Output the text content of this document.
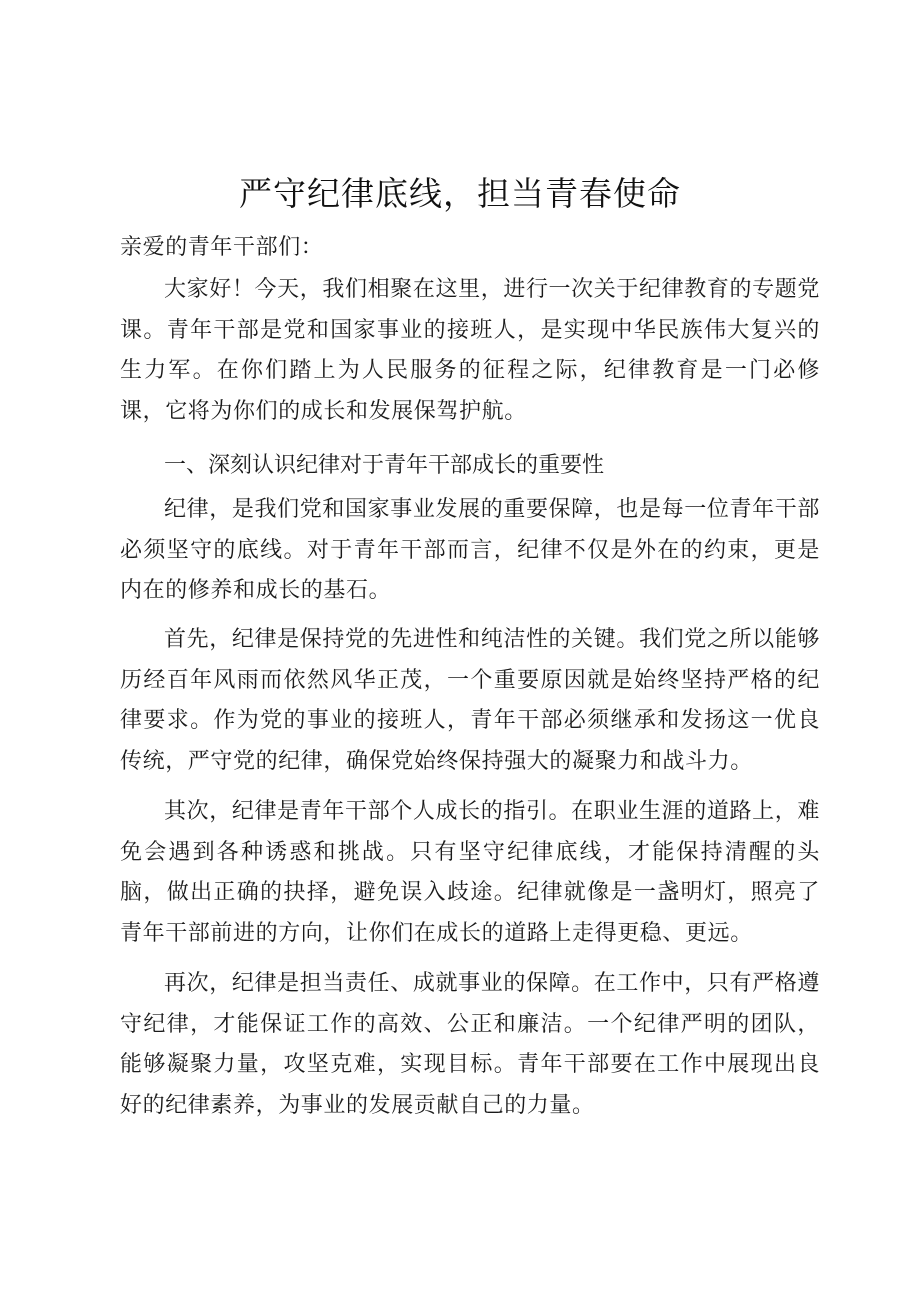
严守纪律底线，担当青春使命

亲爱的青年干部们：

大家好！今天，我们相聚在这里，进行一次关于纪律教育的专题党课。青年干部是党和国家事业的接班人，是实现中华民族伟大复兴的生力军。在你们踏上为人民服务的征程之际，纪律教育是一门必修课，它将为你们的成长和发展保驾护航。

一、深刻认识纪律对于青年干部成长的重要性

纪律，是我们党和国家事业发展的重要保障，也是每一位青年干部必须坚守的底线。对于青年干部而言，纪律不仅是外在的约束，更是内在的修养和成长的基石。

首先，纪律是保持党的先进性和纯洁性的关键。我们党之所以能够历经百年风雨而依然风华正茂，一个重要原因就是始终坚持严格的纪律要求。作为党的事业的接班人，青年干部必须继承和发扬这一优良传统，严守党的纪律，确保党始终保持强大的凝聚力和战斗力。

其次，纪律是青年干部个人成长的指引。在职业生涯的道路上，难免会遇到各种诱惑和挑战。只有坚守纪律底线，才能保持清醒的头脑，做出正确的抉择，避免误入歧途。纪律就像是一盏明灯，照亮了青年干部前进的方向，让你们在成长的道路上走得更稳、更远。

再次，纪律是担当责任、成就事业的保障。在工作中，只有严格遵守纪律，才能保证工作的高效、公正和廉洁。一个纪律严明的团队，能够凝聚力量，攻坚克难，实现目标。青年干部要在工作中展现出良好的纪律素养，为事业的发展贡献自己的力量。
